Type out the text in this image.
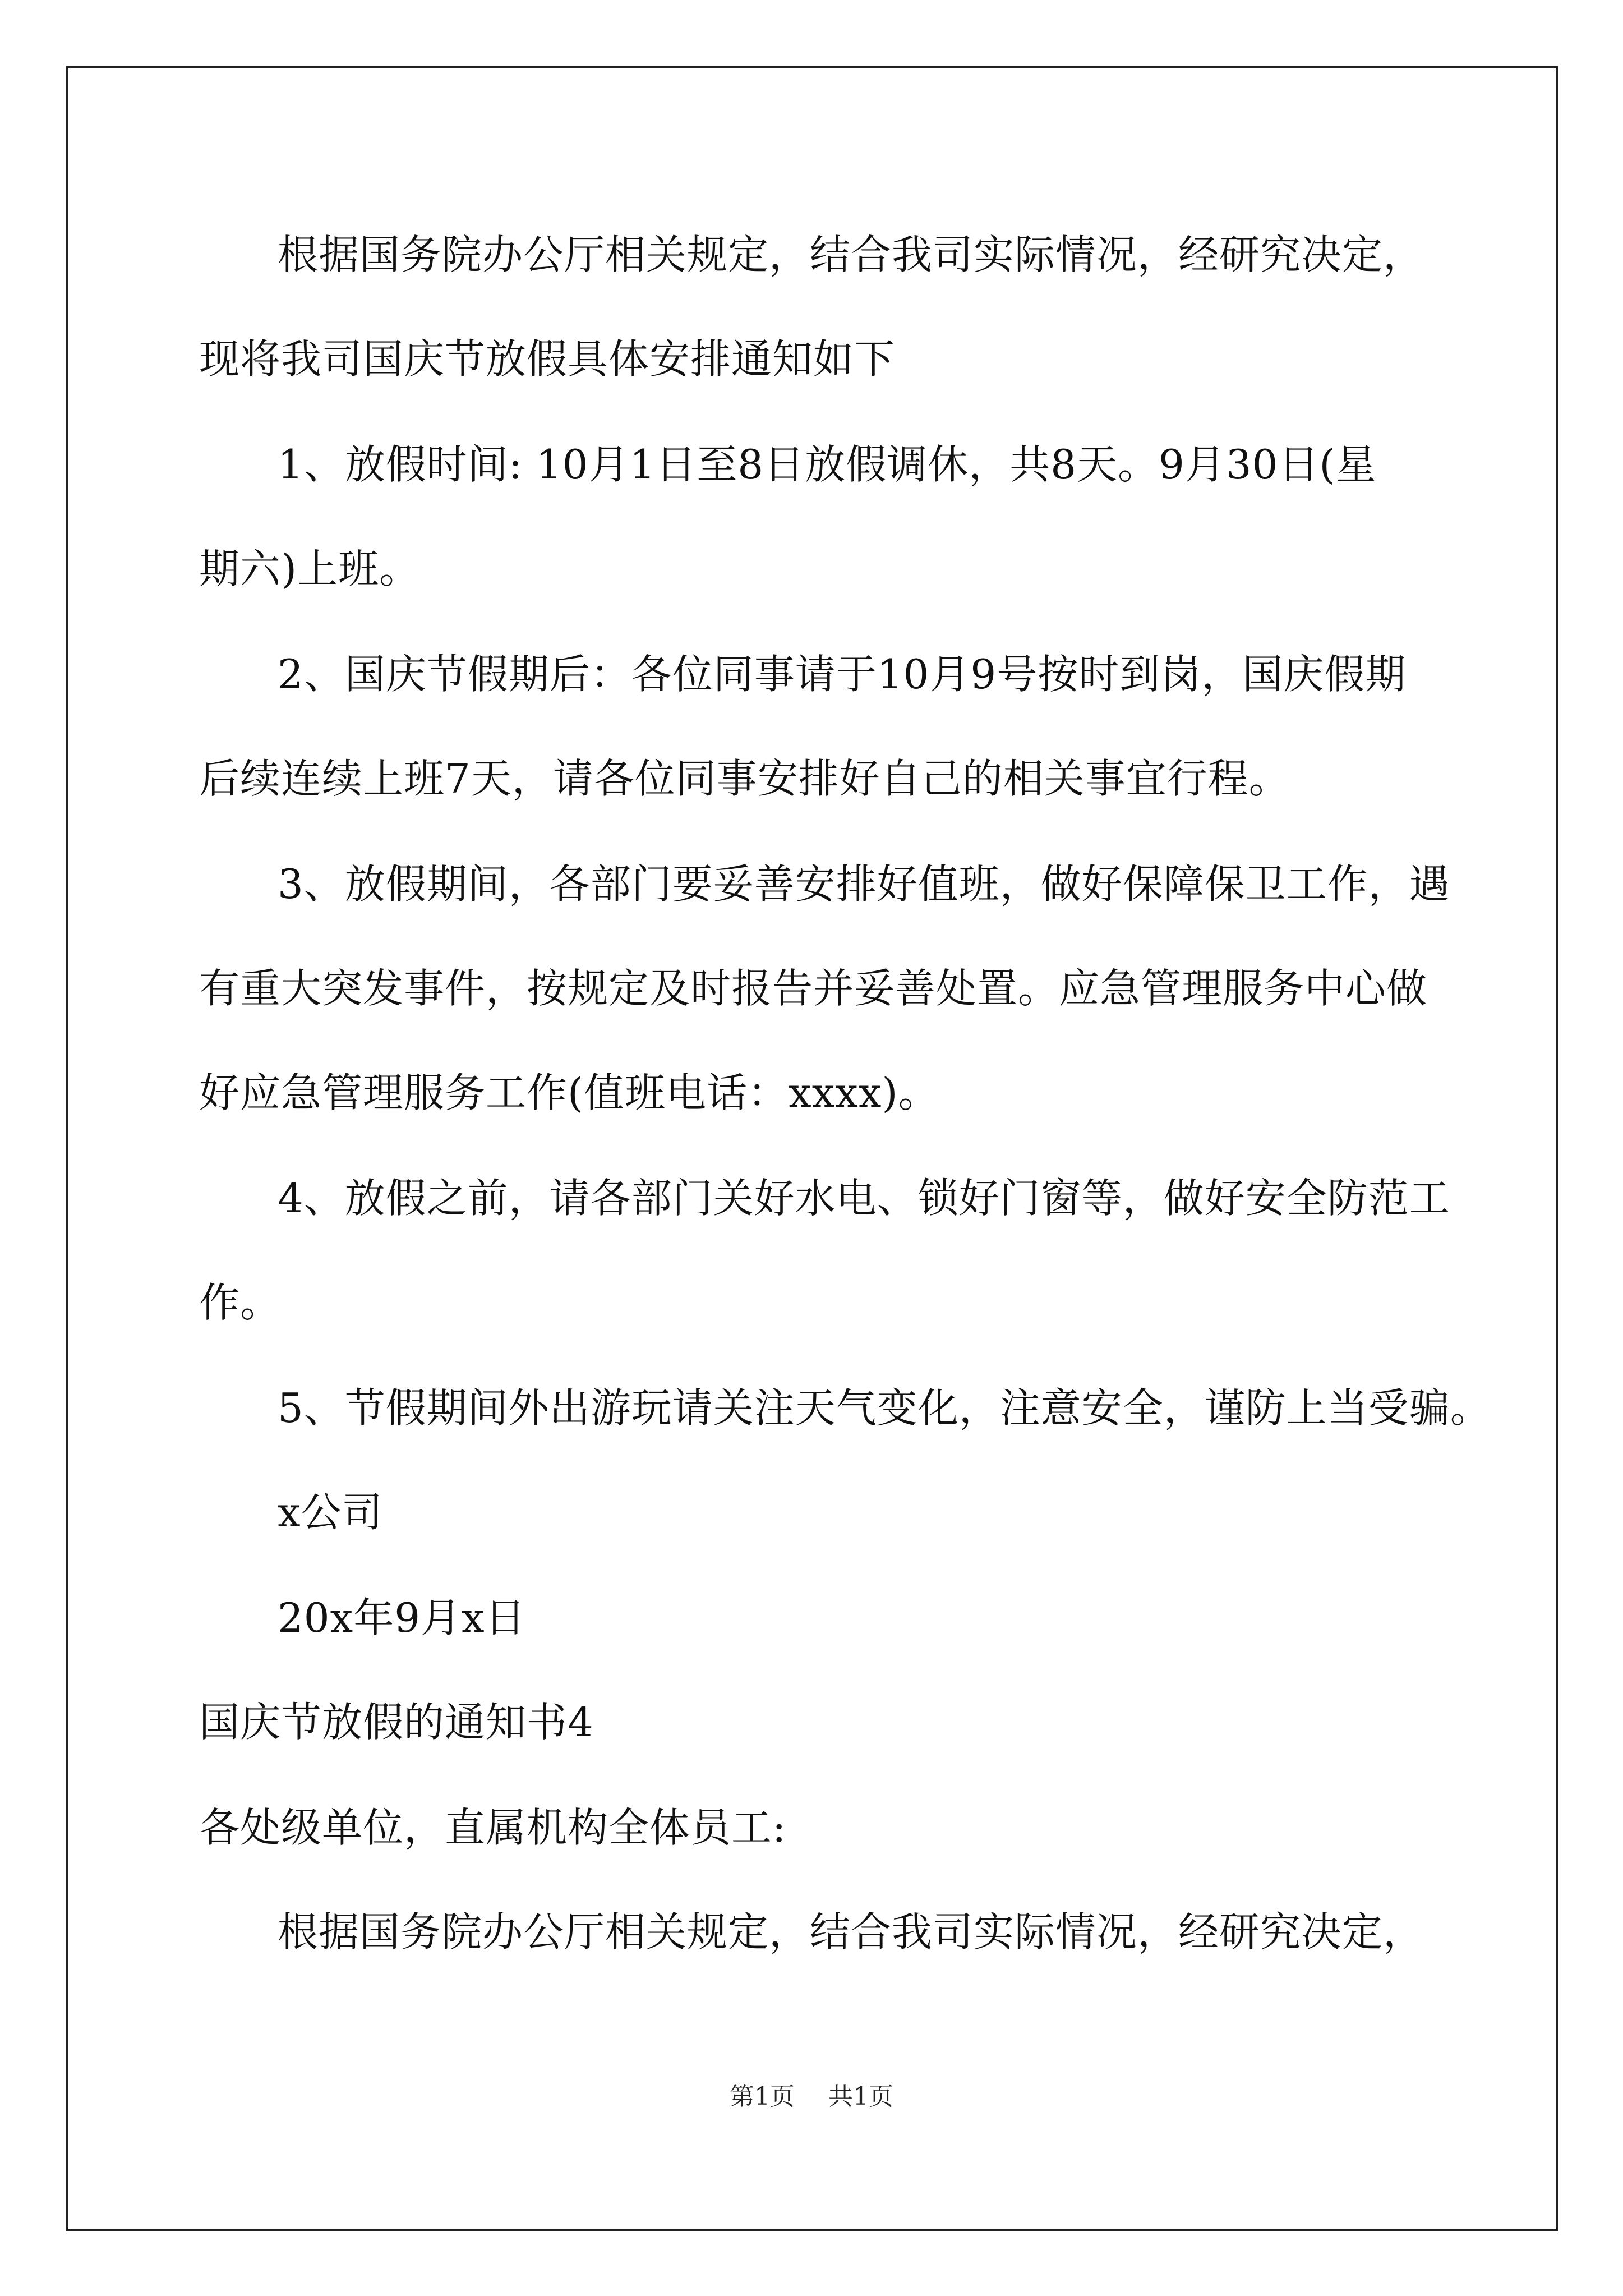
根据国务院办公厅相关规定，结合我司实际情况，经研究决定，
现将我司国庆节放假具体安排通知如下
1、放假时间: 10月1日至8日放假调休，共8天。9月30日(星
期六)上班。
2、国庆节假期后：各位同事请于10月9号按时到岗，国庆假期
后续连续上班7天，请各位同事安排好自己的相关事宜行程。
3、放假期间，各部门要妥善安排好值班，做好保障保卫工作，遇
有重大突发事件，按规定及时报告并妥善处置。应急管理服务中心做
好应急管理服务工作(值班电话：xxxx)。
4、放假之前，请各部门关好水电、锁好门窗等，做好安全防范工
作。
5、节假期间外出游玩请关注天气变化，注意安全，谨防上当受骗。
x公司
20x年9月x日
国庆节放假的通知书4
各处级单位，直属机构全体员工:
根据国务院办公厅相关规定，结合我司实际情况，经研究决定，
第1页 共1页
